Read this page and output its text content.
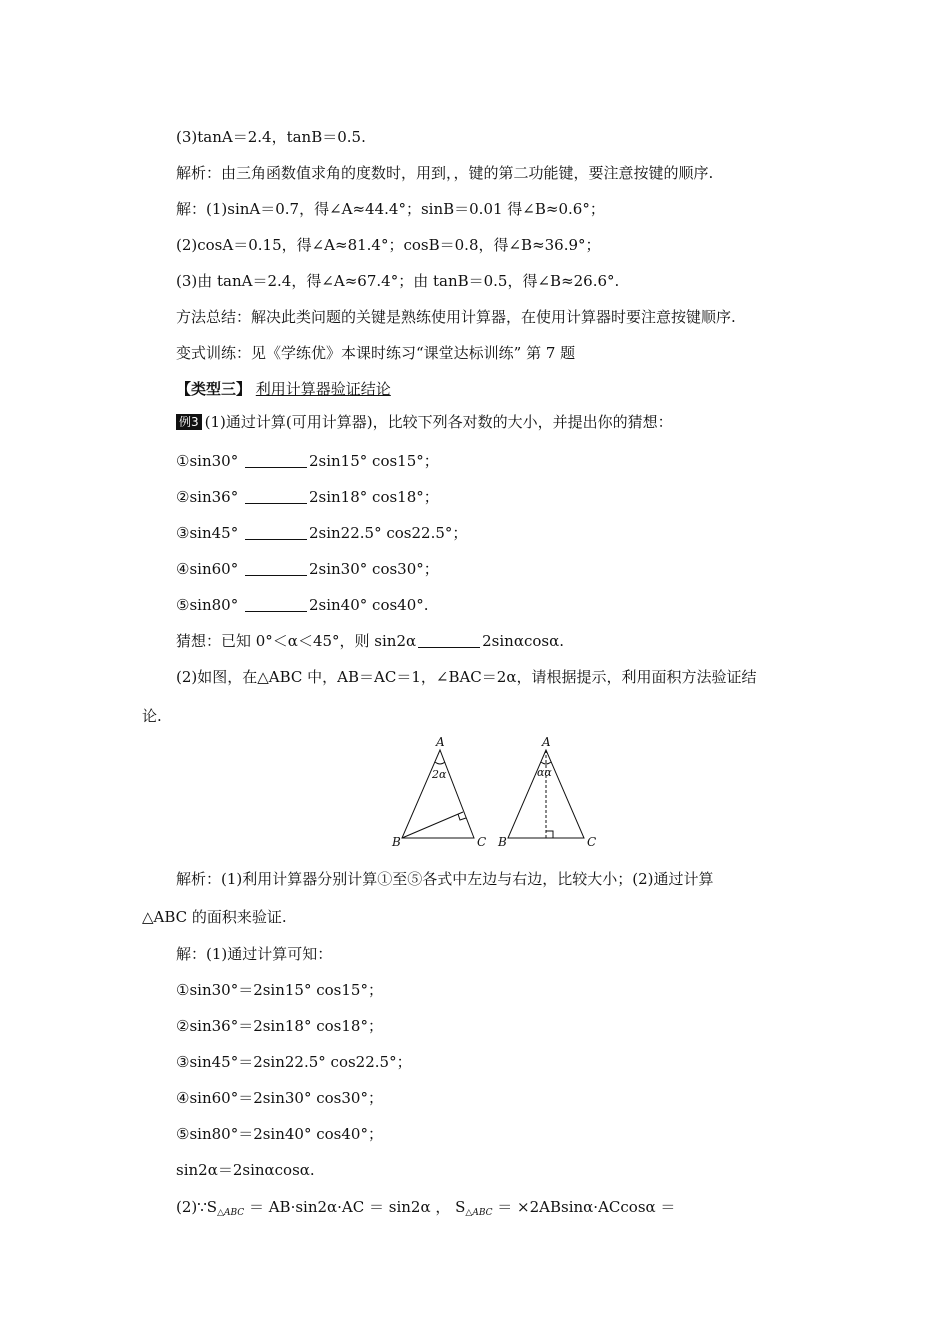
(3)tanA＝2.4，tanB＝0.5.
解析：由三角函数值求角的度数时，用到，，键的第二功能键，要注意按键的顺序.
解：(1)sinA＝0.7，得∠A≈44.4°；sinB＝0.01 得∠B≈0.6°；
(2)cosA＝0.15，得∠A≈81.4°；cosB＝0.8，得∠B≈36.9°；
(3)由 tanA＝2.4，得∠A≈67.4°；由 tanB＝0.5，得∠B≈26.6°.
方法总结：解决此类问题的关键是熟练使用计算器，在使用计算器时要注意按键顺序.
变式训练：见《学练优》本课时练习“课堂达标训练” 第 7 题
【类型三】 利用计算器验证结论
例3 (1)通过计算(可用计算器)，比较下列各对数的大小，并提出你的猜想：
①sin30°	2sin15° cos15°；
②sin36°	2sin18° cos18°；
③sin45°	2sin22.5° cos22.5°；
④sin60°	2sin30° cos30°；
⑤sin80°	2sin40° cos40°.
猜想：已知 0°＜α＜45°，则 sin2α	2sinαcosα.
(2)如图，在△ABC 中，AB＝AC＝1，∠BAC＝2α，请根据提示，利用面积方法验证结
论.
A
B	C
2α
A
B	C
αα
解析：(1)利用计算器分别计算①至⑤各式中左边与右边，比较大小；(2)通过计算
△ABC 的面积来验证.
解：(1)通过计算可知：
①sin30°＝2sin15° cos15°；
②sin36°＝2sin18° cos18°；
③sin45°＝2sin22.5° cos22.5°；
④sin60°＝2sin30° cos30°；
⑤sin80°＝2sin40° cos40°；
sin2α＝2sinαcosα.
$(2)\because S_{\triangle ABC} = AB\cdot\sin 2\alpha\cdot AC = \sin 2\alpha$ ， $S_{\triangle ABC} = \times 2ABsin\alpha\cdot ACcos\alpha$ ＝
